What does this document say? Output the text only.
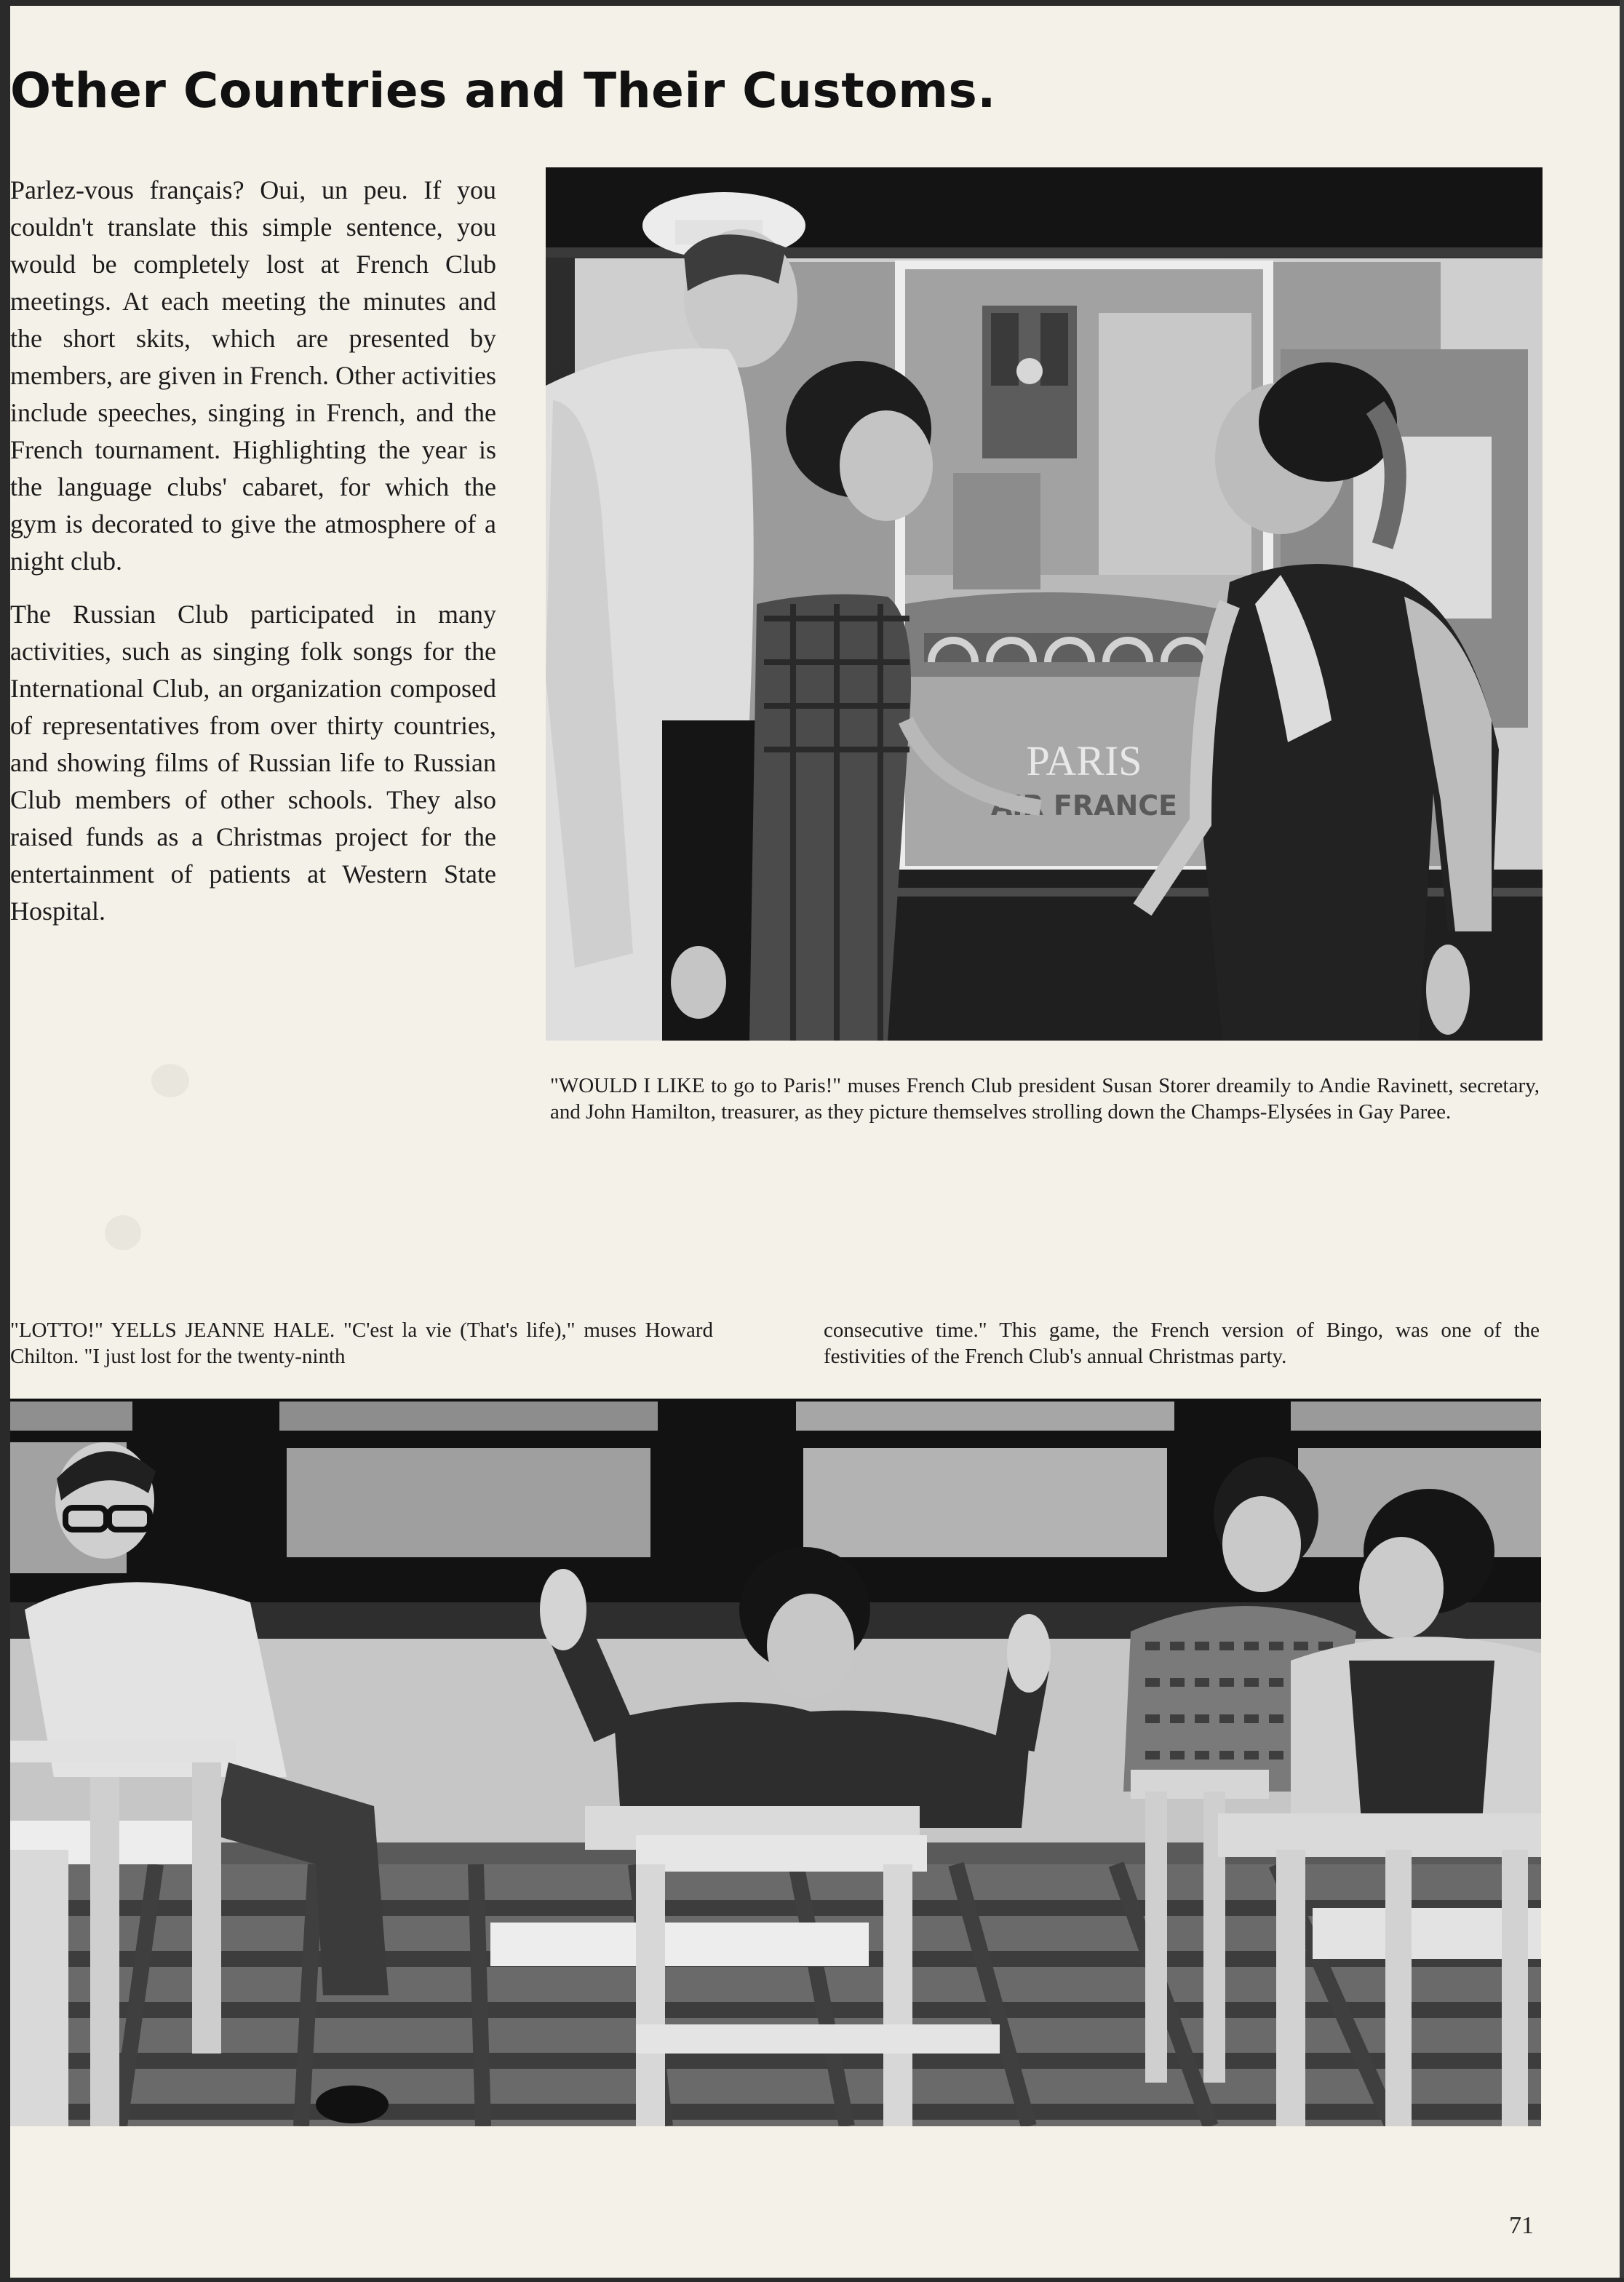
Other Countries and Their Customs.

Parlez-vous français? Oui, un peu. If you couldn't translate this simple sentence, you would be completely lost at French Club meetings. At each meeting the minutes and the short skits, which are presented by members, are given in French. Other activities include speeches, singing in French, and the French tournament. Highlighting the year is the language clubs' cabaret, for which the gym is decorated to give the atmosphere of a night club.

The Russian Club participated in many activities, such as singing folk songs for the International Club, an organization composed of representatives from over thirty countries, and showing films of Russian life to Russian Club members of other schools. They also raised funds as a Christmas project for the entertainment of patients at Western State Hospital.

PARIS
AIR FRANCE
"WOULD I LIKE to go to Paris!" muses French Club president Susan Storer dreamily to Andie Ravinett, secretary, and John Hamilton, treasurer, as they picture themselves strolling down the Champs-Elysées in Gay Paree.
"LOTTO!" YELLS JEANNE HALE. "C'est la vie (That's life)," muses Howard Chilton. "I just lost for the twenty-ninth
consecutive time." This game, the French version of Bingo, was one of the festivities of the French Club's annual Christmas party.
71
